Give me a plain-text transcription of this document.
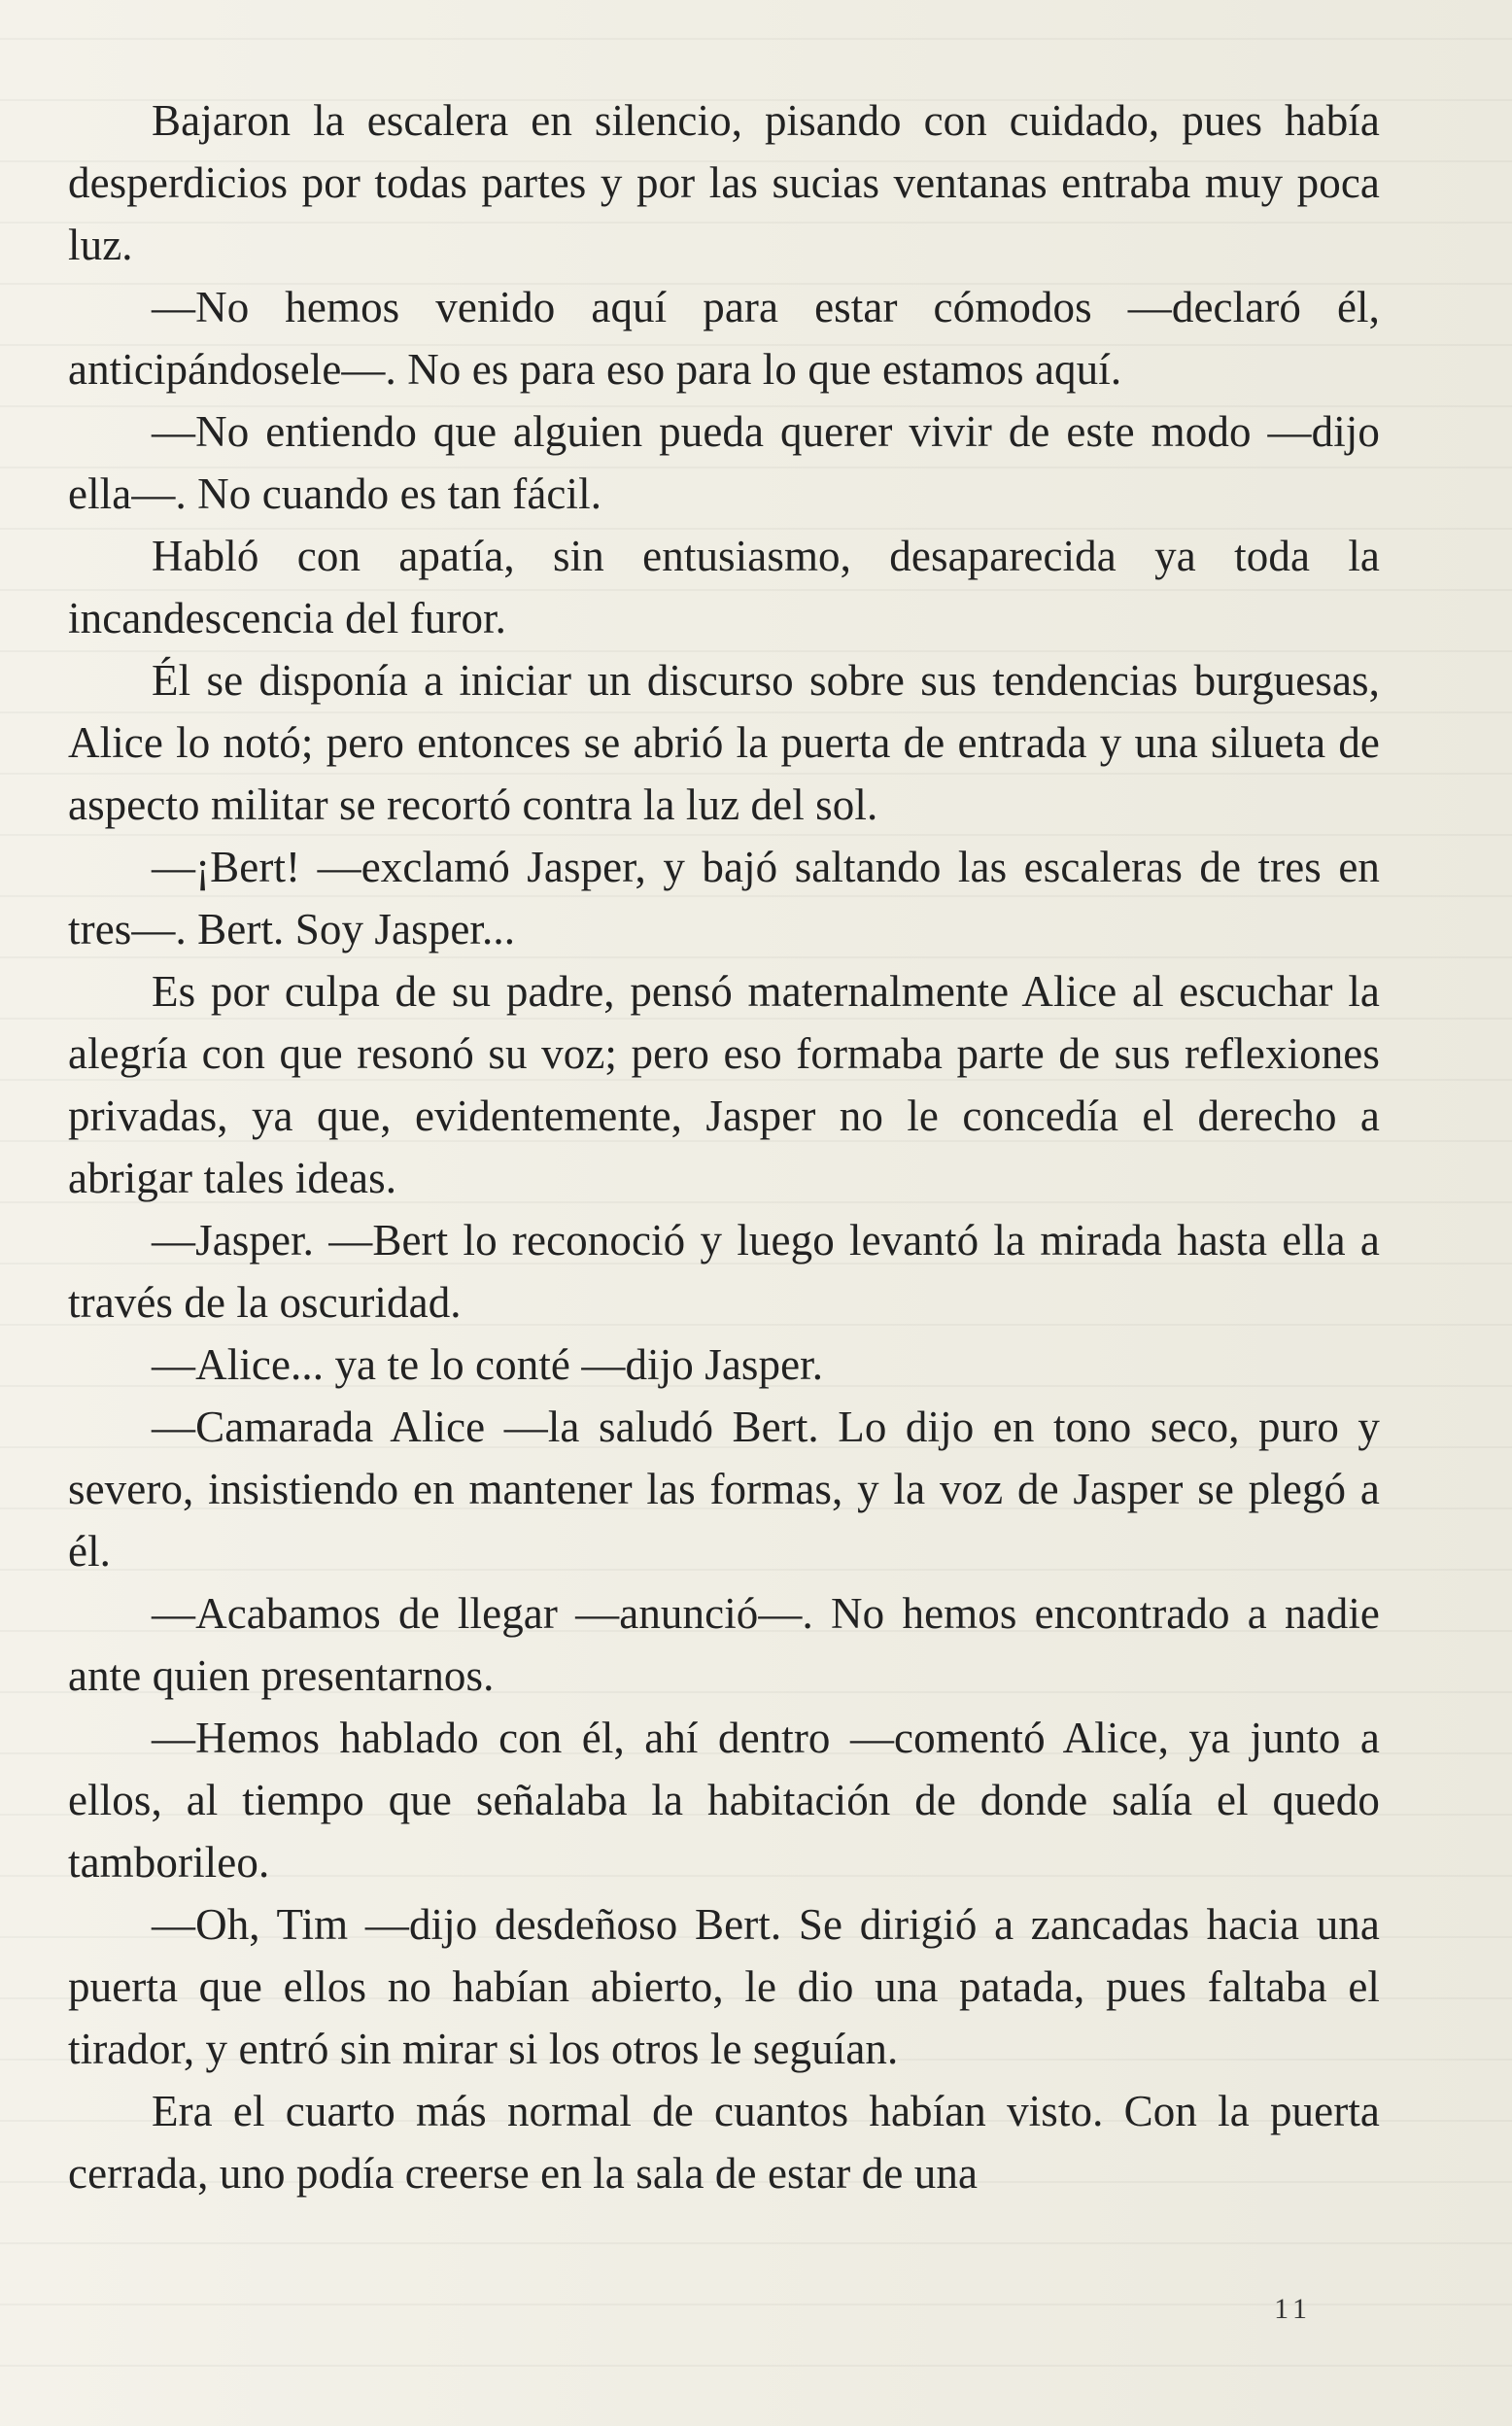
Bajaron la escalera en silencio, pisando con cuidado, pues había desperdicios por todas partes y por las sucias ventanas entraba muy poca luz.

—No hemos venido aquí para estar cómodos —declaró él, anticipándosele—. No es para eso para lo que estamos aquí.

—No entiendo que alguien pueda querer vivir de este modo —dijo ella—. No cuando es tan fácil.

Habló con apatía, sin entusiasmo, desaparecida ya toda la incandescencia del furor.

Él se disponía a iniciar un discurso sobre sus tendencias burguesas, Alice lo notó; pero entonces se abrió la puerta de entrada y una silueta de aspecto militar se recortó contra la luz del sol.

—¡Bert! —exclamó Jasper, y bajó saltando las escaleras de tres en tres—. Bert. Soy Jasper...

Es por culpa de su padre, pensó maternalmente Alice al escuchar la alegría con que resonó su voz; pero eso formaba parte de sus reflexiones privadas, ya que, evidentemente, Jasper no le concedía el derecho a abrigar tales ideas.

—Jasper. —Bert lo reconoció y luego levantó la mirada hasta ella a través de la oscuridad.

—Alice... ya te lo conté —dijo Jasper.

—Camarada Alice —la saludó Bert. Lo dijo en tono seco, puro y severo, insistiendo en mantener las formas, y la voz de Jasper se plegó a él.

—Acabamos de llegar —anunció—. No hemos encontrado a nadie ante quien presentarnos.

—Hemos hablado con él, ahí dentro —comentó Alice, ya junto a ellos, al tiempo que señalaba la habitación de donde salía el quedo tamborileo.

—Oh, Tim —dijo desdeñoso Bert. Se dirigió a zancadas hacia una puerta que ellos no habían abierto, le dio una patada, pues faltaba el tirador, y entró sin mirar si los otros le seguían.

Era el cuarto más normal de cuantos habían visto. Con la puerta cerrada, uno podía creerse en la sala de estar de una

11
